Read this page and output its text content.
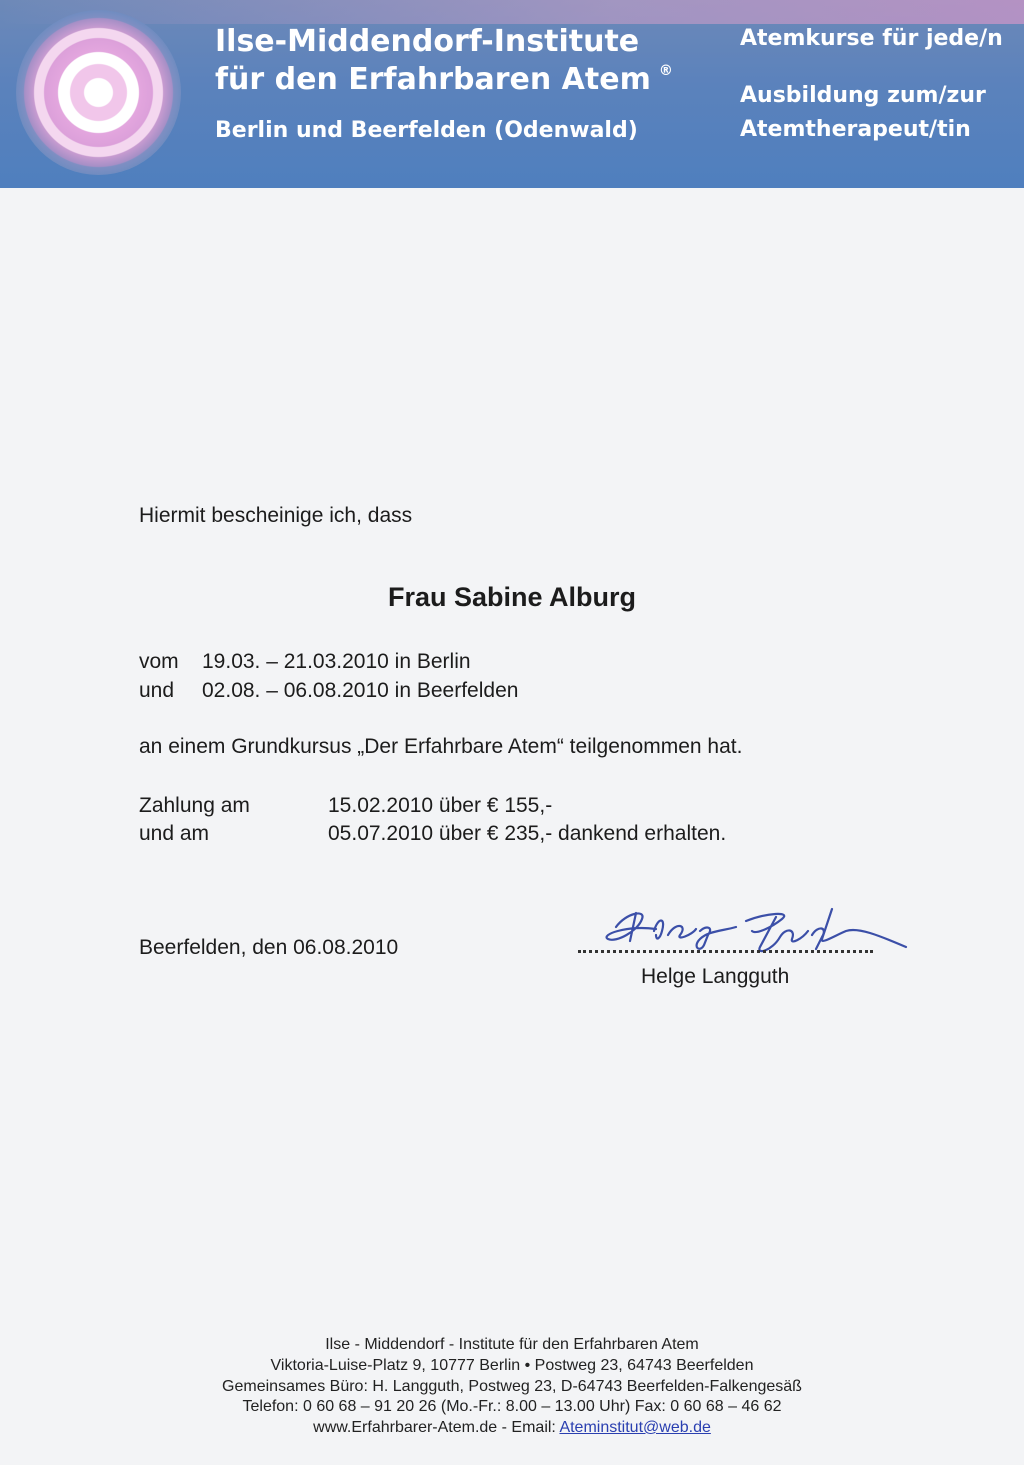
Ilse-Middendorf-Institute
für den Erfahrbaren Atem ®
Berlin und Beerfelden (Odenwald)
Atemkurse für jede/n
Ausbildung zum/zur
Atemtherapeut/tin
Hiermit bescheinige ich, dass
Frau Sabine Alburg
vom 19.03. – 21.03.2010 in Berlin
und 02.08. – 06.08.2010 in Beerfelden
an einem Grundkursus „Der Erfahrbare Atem“ teilgenommen hat.
Zahlung am	15.02.2010 über € 155,-
und am	05.07.2010 über € 235,- dankend erhalten.
Beerfelden, den 06.08.2010
Helge Langguth
Ilse - Middendorf - Institute für den Erfahrbaren Atem
Viktoria-Luise-Platz 9, 10777 Berlin • Postweg 23, 64743 Beerfelden
Gemeinsames Büro: H. Langguth, Postweg 23, D-64743 Beerfelden-Falkengesäß
Telefon: 0 60 68 – 91 20 26 (Mo.-Fr.: 8.00 – 13.00 Uhr) Fax: 0 60 68 – 46 62
www.Erfahrbarer-Atem.de - Email: Ateminstitut@web.de
